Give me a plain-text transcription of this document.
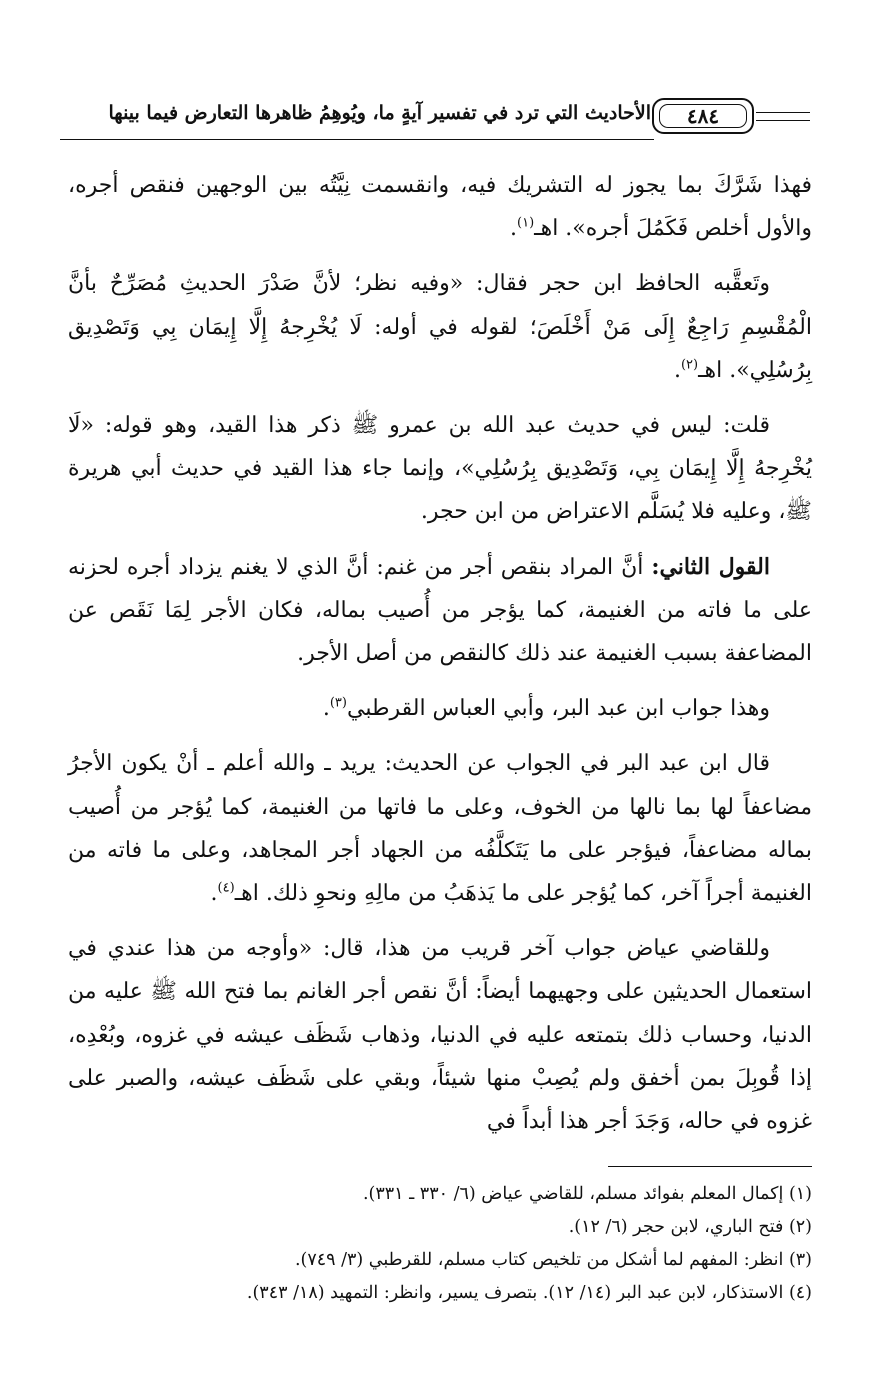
الأحاديث التي ترد في تفسير آيةٍ ما، ويُوهِمُ ظاهرها التعارض فيما بينها	٤٨٤

فهذا شَرَّكَ بما يجوز له التشريك فيه، وانقسمت نِيَّتُه بين الوجهين فنقص أجره، والأول أخلص فَكَمُلَ أجره». اهـ$^{(١)}$.

وتَعقَّبه الحافظ ابن حجر فقال: «وفيه نظر؛ لأنَّ صَدْرَ الحديثِ مُصَرِّحٌ بأنَّ الْمُقْسِمِ رَاجِعٌ إِلَى مَنْ أَخْلَصَ؛ لقوله في أوله: لَا يُخْرِجهُ إِلَّا إِيمَان بِي وَتَصْدِيق بِرُسُلِي». اهـ$^{(٢)}$.

قلت: ليس في حديث عبد الله بن عمرو ﷺ ذكر هذا القيد، وهو قوله: «لَا يُخْرِجهُ إِلَّا إِيمَان بِي، وَتَصْدِيق بِرُسُلِي»، وإنما جاء هذا القيد في حديث أبي هريرة ﷺ، وعليه فلا يُسَلَّم الاعتراض من ابن حجر.

القول الثاني: أنَّ المراد بنقص أجر من غنم: أنَّ الذي لا يغنم يزداد أجره لحزنه على ما فاته من الغنيمة، كما يؤجر من أُصيب بماله، فكان الأجر لِمَا نَقَص عن المضاعفة بسبب الغنيمة عند ذلك كالنقص من أصل الأجر.

وهذا جواب ابن عبد البر، وأبي العباس القرطبي$^{(٣)}$.

قال ابن عبد البر في الجواب عن الحديث: يريد ـ والله أعلم ـ أنْ يكون الأجرُ مضاعفاً لها بما نالها من الخوف، وعلى ما فاتها من الغنيمة، كما يُؤجر من أُصيب بماله مضاعفاً، فيؤجر على ما يَتَكلَّفُه من الجهاد أجر المجاهد، وعلى ما فاته من الغنيمة أجراً آخر، كما يُؤجر على ما يَذهَبُ من مالِهِ ونحوِ ذلك. اهـ$^{(٤)}$.

وللقاضي عياض جواب آخر قريب من هذا، قال: «وأوجه من هذا عندي في استعمال الحديثين على وجهيهما أيضاً: أنَّ نقص أجر الغانم بما فتح الله ﷺ عليه من الدنيا، وحساب ذلك بتمتعه عليه في الدنيا، وذهاب شَظَف عيشه في غزوه، وبُعْدِه، إذا قُوبِلَ بمن أخفق ولم يُصِبْ منها شيئاً، وبقي على شَظَف عيشه، والصبر على غزوه في حاله، وَجَدَ أجر هذا أبداً في

(١) إكمال المعلم بفوائد مسلم، للقاضي عياض (٦/ ٣٣٠ ـ ٣٣١).
(٢) فتح الباري، لابن حجر (٦/ ١٢).
(٣) انظر: المفهم لما أشكل من تلخيص كتاب مسلم، للقرطبي (٣/ ٧٤٩).
(٤) الاستذكار، لابن عبد البر (١٤/ ١٢). بتصرف يسير، وانظر: التمهيد (١٨/ ٣٤٣).
